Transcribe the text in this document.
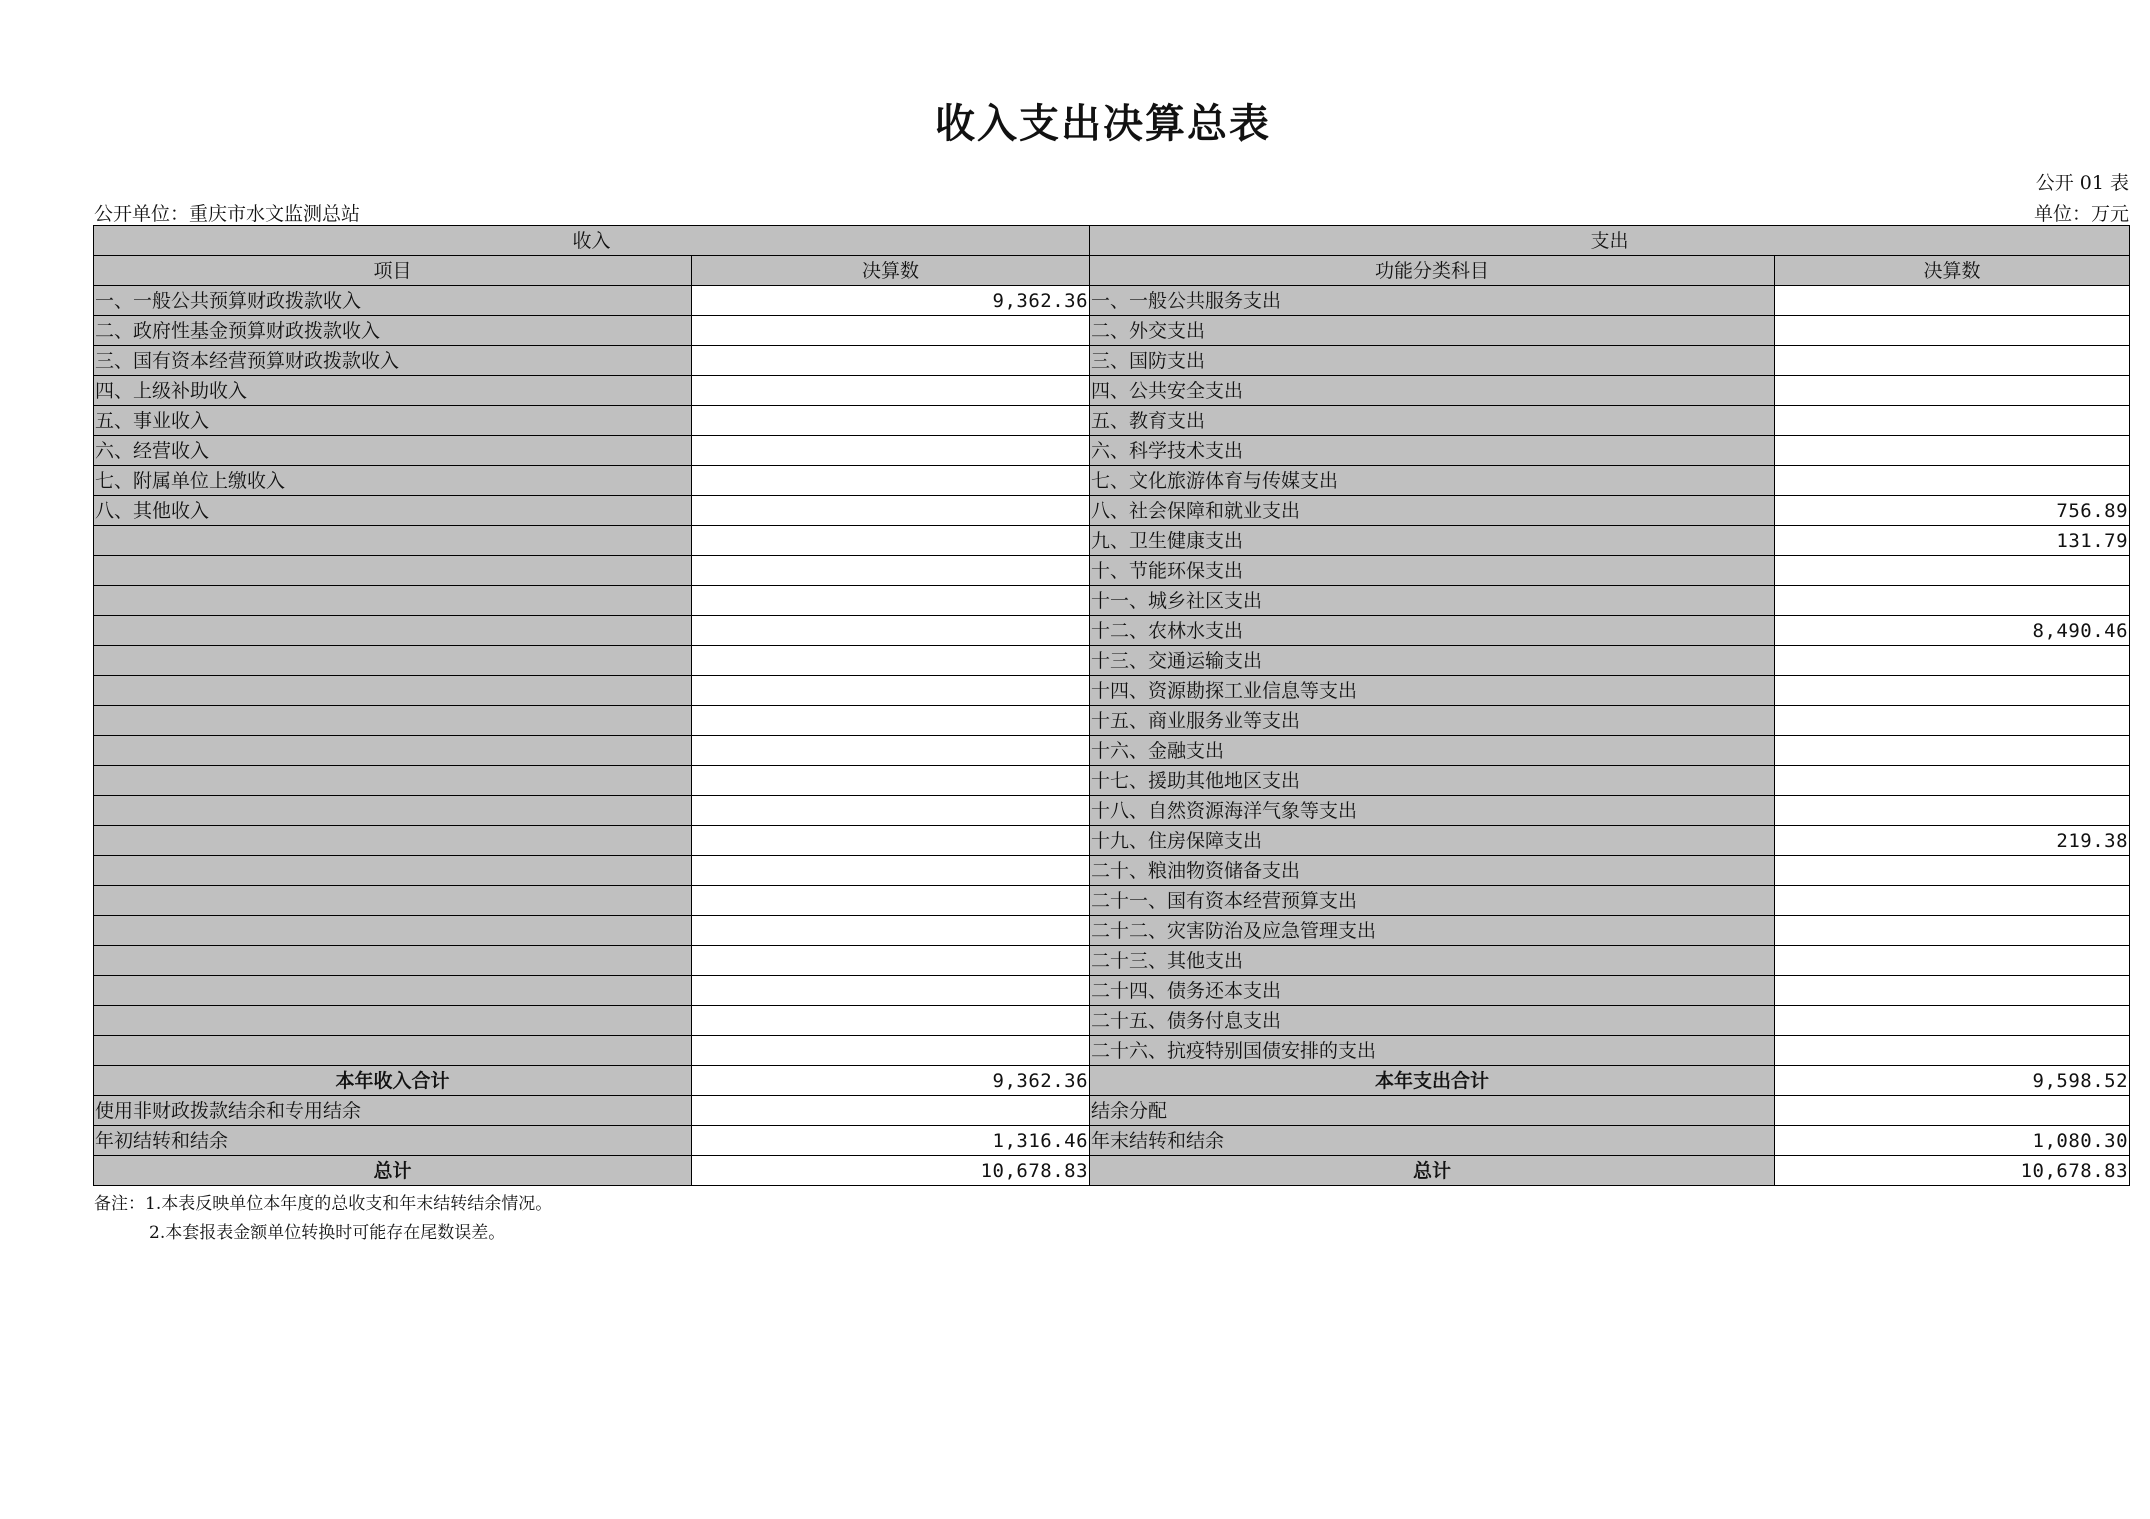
收入支出决算总表
公开 01 表
公开单位：重庆市水文监测总站	单位：万元
收入		支出	
项目	决算数	功能分类科目	决算数
一、一般公共预算财政拨款收入	9,362.36	一、一般公共服务支出	
二、政府性基金预算财政拨款收入		二、外交支出	
三、国有资本经营预算财政拨款收入		三、国防支出	
四、上级补助收入		四、公共安全支出	
五、事业收入		五、教育支出	
六、经营收入		六、科学技术支出	
七、附属单位上缴收入		七、文化旅游体育与传媒支出	
八、其他收入		八、社会保障和就业支出	756.89
		九、卫生健康支出	131.79
		十、节能环保支出	
		十一、城乡社区支出	
		十二、农林水支出	8,490.46
		十三、交通运输支出	
		十四、资源勘探工业信息等支出	
		十五、商业服务业等支出	
		十六、金融支出	
		十七、援助其他地区支出	
		十八、自然资源海洋气象等支出	
		十九、住房保障支出	219.38
		二十、粮油物资储备支出	
		二十一、国有资本经营预算支出	
		二十二、灾害防治及应急管理支出	
		二十三、其他支出	
		二十四、债务还本支出	
		二十五、债务付息支出	
		二十六、抗疫特别国债安排的支出	
本年收入合计	9,362.36	本年支出合计	9,598.52
使用非财政拨款结余和专用结余		结余分配	
年初结转和结余	1,316.46	年末结转和结余	1,080.30
总计	10,678.83	总计	10,678.83
备注：1.本表反映单位本年度的总收支和年末结转结余情况。
2.本套报表金额单位转换时可能存在尾数误差。
